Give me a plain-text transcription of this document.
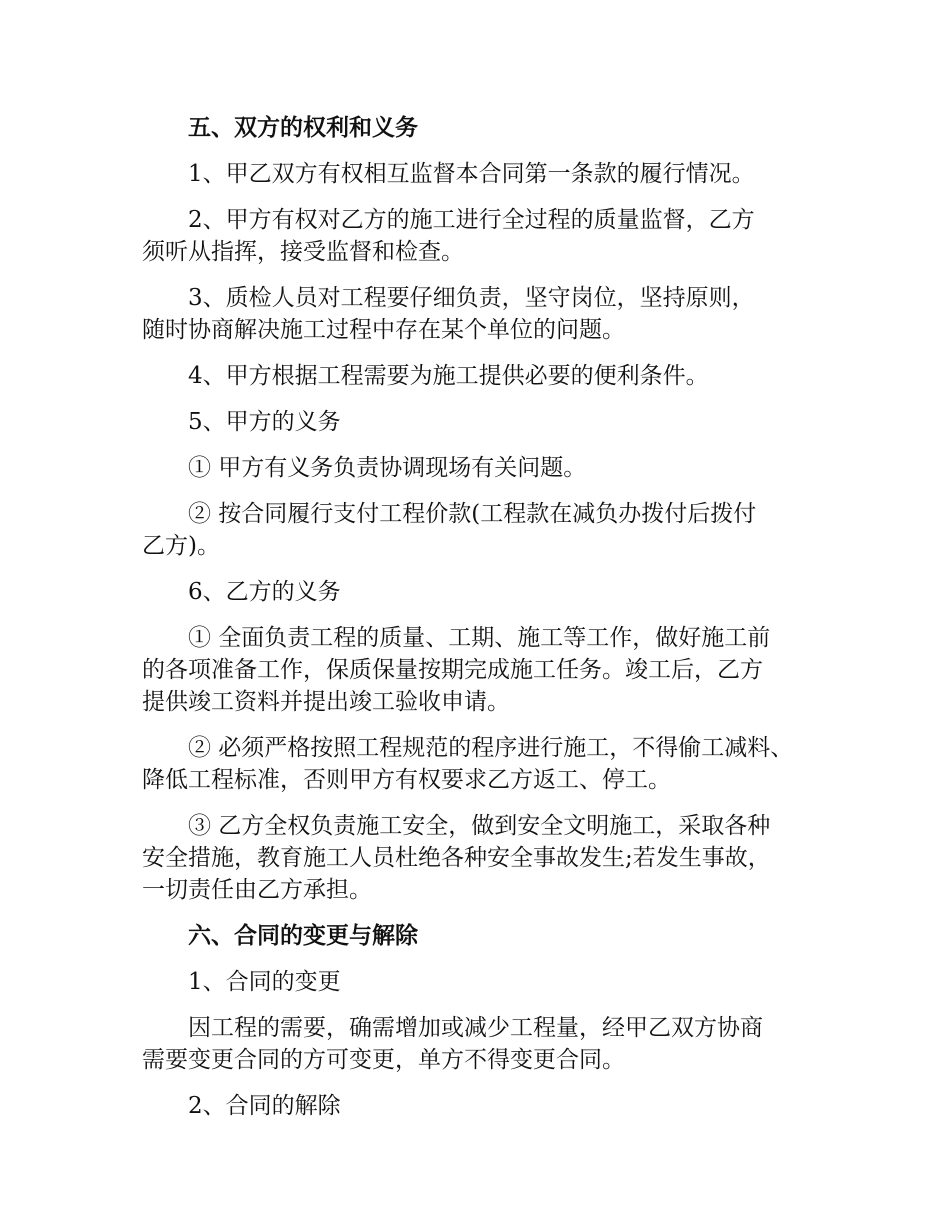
五、双方的权利和义务
1、甲乙双方有权相互监督本合同第一条款的履行情况。
2、甲方有权对乙方的施工进行全过程的质量监督，乙方
须听从指挥，接受监督和检查。
3、质检人员对工程要仔细负责，坚守岗位，坚持原则，
随时协商解决施工过程中存在某个单位的问题。
4、甲方根据工程需要为施工提供必要的便利条件。
5、甲方的义务
① 甲方有义务负责协调现场有关问题。
② 按合同履行支付工程价款(工程款在减负办拨付后拨付
乙方)。
6、乙方的义务
① 全面负责工程的质量、工期、施工等工作，做好施工前
的各项准备工作，保质保量按期完成施工任务。竣工后，乙方
提供竣工资料并提出竣工验收申请。
② 必须严格按照工程规范的程序进行施工，不得偷工减料、
降低工程标准，否则甲方有权要求乙方返工、停工。
③ 乙方全权负责施工安全，做到安全文明施工，采取各种
安全措施，教育施工人员杜绝各种安全事故发生;若发生事故，
一切责任由乙方承担。
六、合同的变更与解除
1、合同的变更
因工程的需要，确需增加或减少工程量，经甲乙双方协商
需要变更合同的方可变更，单方不得变更合同。
2、合同的解除
